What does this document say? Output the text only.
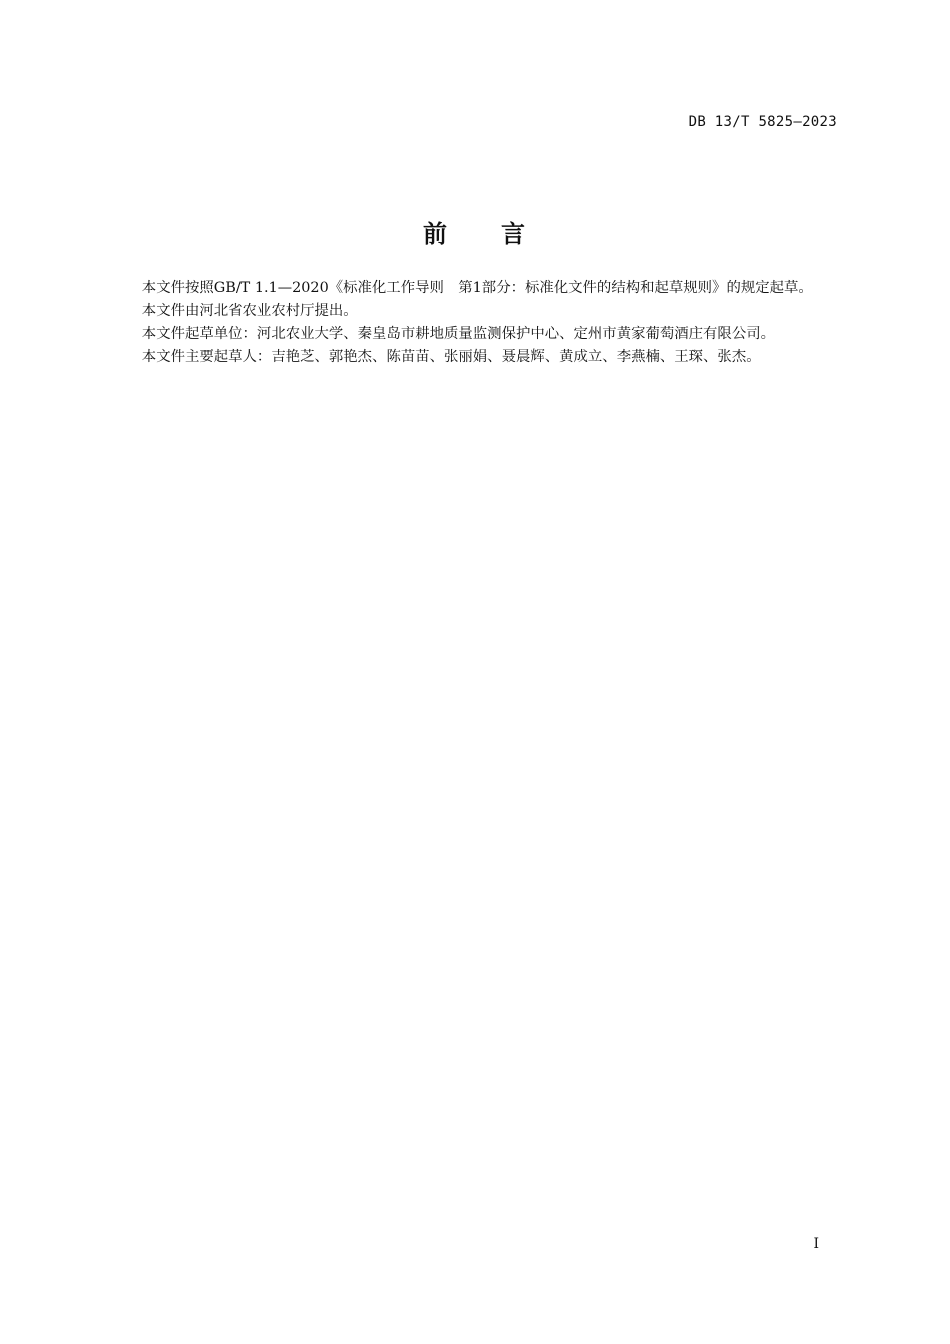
DB 13/T 5825—2023
前 言

本文件按照GB/T 1.1—2020《标准化工作导则　第1部分：标准化文件的结构和起草规则》的规定起草。

本文件由河北省农业农村厅提出。

本文件起草单位：河北农业大学、秦皇岛市耕地质量监测保护中心、定州市黄家葡萄酒庄有限公司。

本文件主要起草人：吉艳芝、郭艳杰、陈苗苗、张丽娟、聂晨辉、黄成立、李燕楠、王琛、张杰。

I
